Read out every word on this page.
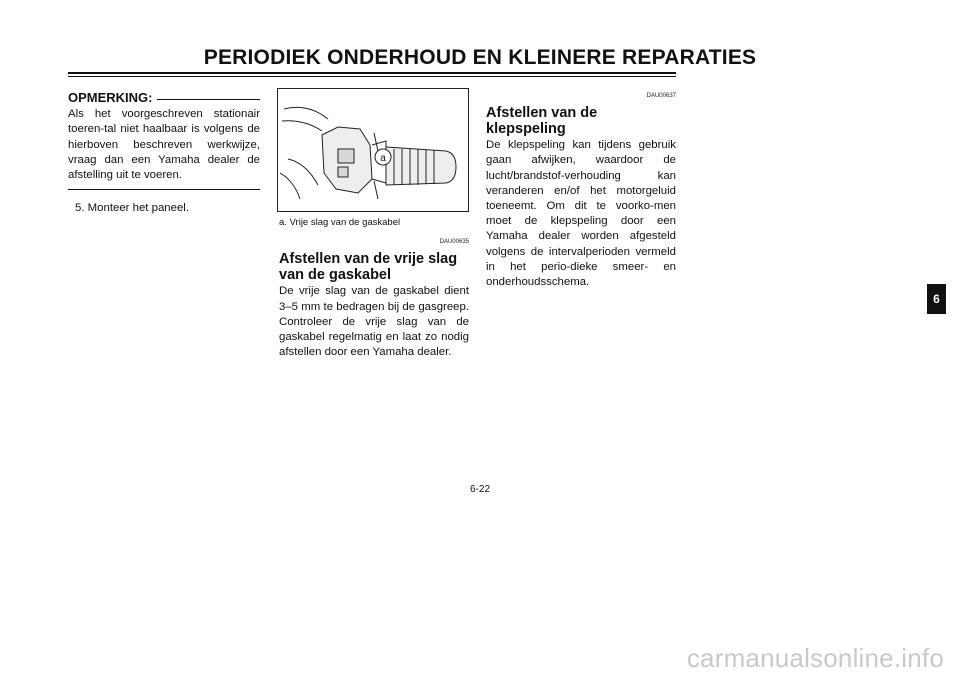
PERIODIEK ONDERHOUD EN KLEINERE REPARATIES
OPMERKING:
Als het voorgeschreven stationair toeren-tal niet haalbaar is volgens de hierboven beschreven werkwijze, vraag dan een Yamaha dealer de afstelling uit te voeren.
5. Monteer het paneel.
a
a. Vrije slag van de gaskabel
DAU00635
Afstellen van de vrije slag van de gaskabel
De vrije slag van de gaskabel dient 3–5 mm te bedragen bij de gasgreep. Controleer de vrije slag van de gaskabel regelmatig en laat zo nodig afstellen door een Yamaha dealer.
DAU00637
Afstellen van de klepspeling
De klepspeling kan tijdens gebruik gaan afwijken, waardoor de lucht/brandstof-verhouding kan veranderen en/of het motorgeluid toeneemt. Om dit te voorko-men moet de klepspeling door een Yamaha dealer worden afgesteld volgens de intervalperioden vermeld in het perio-dieke smeer- en onderhoudsschema.
6
6-22
carmanualsonline.info
